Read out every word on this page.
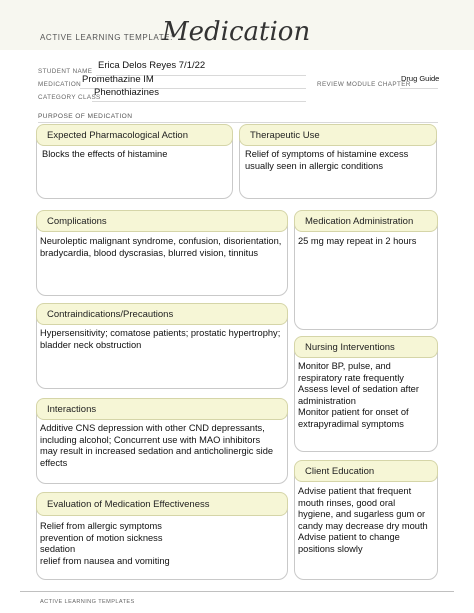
ACTIVE LEARNING TEMPLATE:
Medication
STUDENT NAME
Erica Delos Reyes 7/1/22
MEDICATION Promethazine IM
CATEGORY CLASS
Phenothiazines
REVIEW MODULE CHAPTER
Drug Guide
PURPOSE OF MEDICATION
Expected Pharmacological Action
Blocks the effects of histamine
Therapeutic Use
Relief of symptoms of histamine excess
usually seen in allergic conditions
Complications
Neuroleptic malignant syndrome, confusion, disorientation,
bradycardia, blood dyscrasias, blurred vision, tinnitus
Medication Administration
25 mg may repeat in 2 hours
Contraindications/Precautions
Hypersensitivity; comatose patients; prostatic hypertrophy;
bladder neck obstruction	Nursing Interventions
Monitor BP, pulse, and
respiratory rate frequently
Assess level of sedation after
administration
Monitor patient for onset of
extrapyradimal symptoms
Interactions
Additive CNS depression with other CND depressants,
including alcohol; Concurrent use with MAO inhibitors
may result in increased sedation and anticholinergic side
effects
Client Education
Advise patient that frequent
mouth rinses, good oral
hygiene, and sugarless gum or
candy may decrease dry mouth
Advise patient to change
positions slowly
Evaluation of Medication Effectiveness
Relief from allergic symptoms
prevention of motion sickness
sedation
relief from nausea and vomiting
ACTIVE LEARNING TEMPLATES
